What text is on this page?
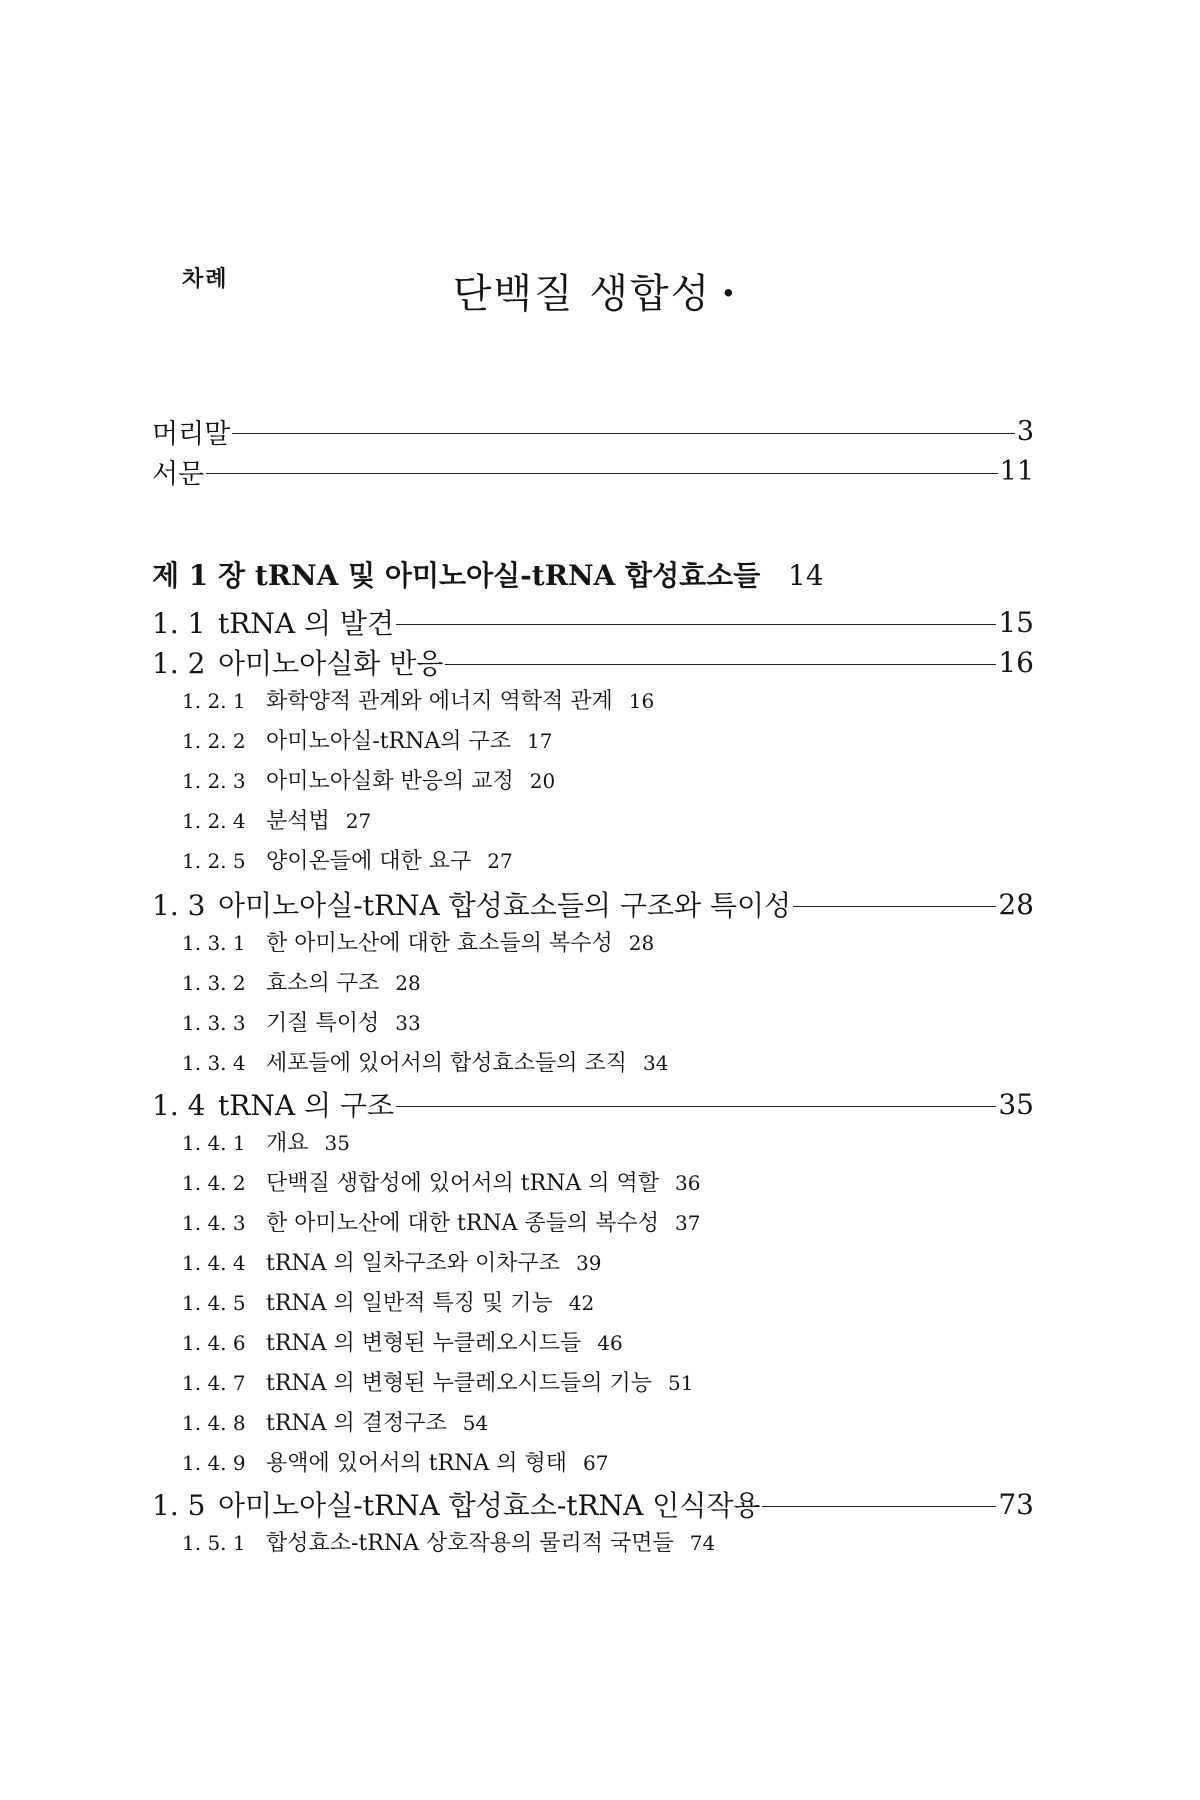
단백질 생합성 ·
차례
머리말	3
서문	11
제 1 장 tRNA 및 아미노아실-tRNA 합성효소들 14
1. 1 tRNA 의 발견	15
1. 2 아미노아실화 반응	16
1. 2. 1 화학양적 관계와 에너지 역학적 관계 16
1. 2. 2 아미노아실-tRNA의 구조 17
1. 2. 3 아미노아실화 반응의 교정 20
1. 2. 4 분석법 27
1. 2. 5 양이온들에 대한 요구 27
1. 3 아미노아실-tRNA 합성효소들의 구조와 특이성	28
1. 3. 1 한 아미노산에 대한 효소들의 복수성 28
1. 3. 2 효소의 구조 28
1. 3. 3 기질 특이성 33
1. 3. 4 세포들에 있어서의 합성효소들의 조직 34
1. 4 tRNA 의 구조	35
1. 4. 1 개요 35
1. 4. 2 단백질 생합성에 있어서의 tRNA 의 역할 36
1. 4. 3 한 아미노산에 대한 tRNA 종들의 복수성 37
1. 4. 4 tRNA 의 일차구조와 이차구조 39
1. 4. 5 tRNA 의 일반적 특징 및 기능 42
1. 4. 6 tRNA 의 변형된 누클레오시드들 46
1. 4. 7 tRNA 의 변형된 누클레오시드들의 기능 51
1. 4. 8 tRNA 의 결정구조 54
1. 4. 9 용액에 있어서의 tRNA 의 형태 67
1. 5 아미노아실-tRNA 합성효소-tRNA 인식작용	73
1. 5. 1 합성효소-tRNA 상호작용의 물리적 국면들 74
